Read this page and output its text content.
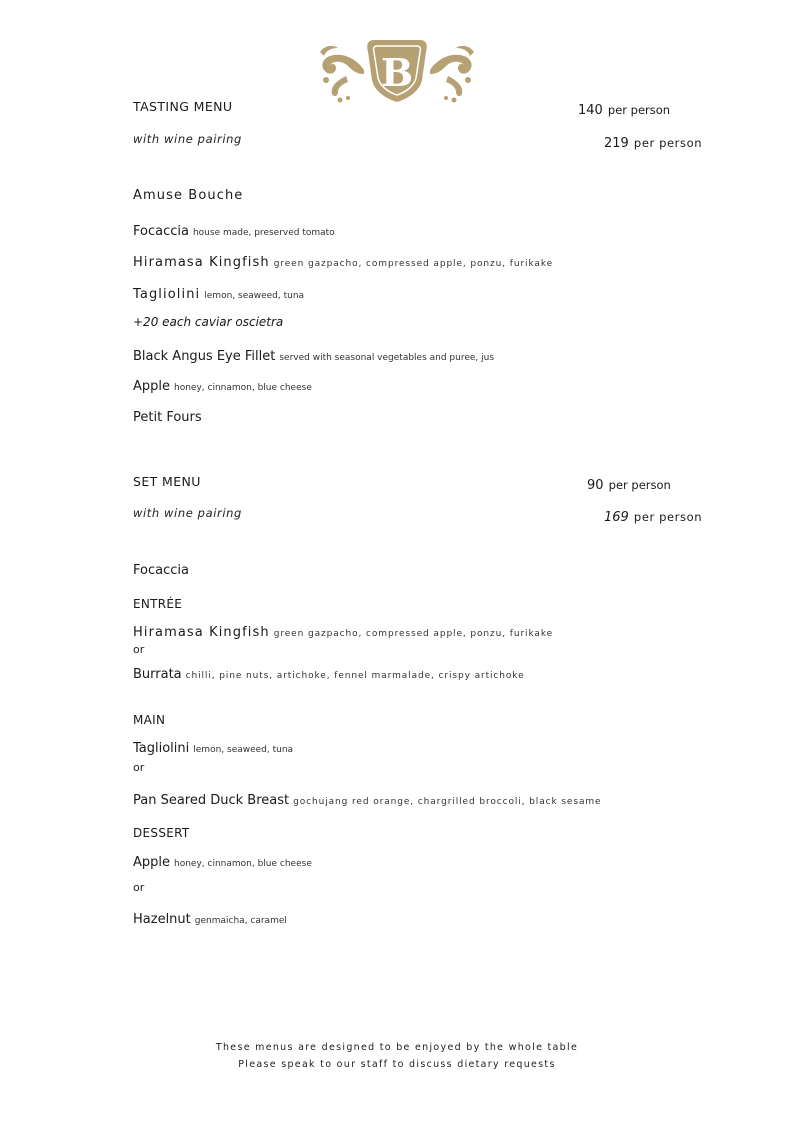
B
TASTING MENU	140 per person
with wine pairing	219 per person
Amuse Bouche
Focaccia house made, preserved tomato
Hiramasa Kingfish green gazpacho, compressed apple, ponzu, furikake
Tagliolini lemon, seaweed, tuna
+20 each caviar oscietra
Black Angus Eye Fillet served with seasonal vegetables and puree, jus
Apple honey, cinnamon, blue cheese
Petit Fours
SET MENU	90 per person
with wine pairing	169 per person
Focaccia
ENTRÉE
Hiramasa Kingfish green gazpacho, compressed apple, ponzu, furikake
or
Burrata chilli, pine nuts, artichoke, fennel marmalade, crispy artichoke
MAIN
Tagliolini lemon, seaweed, tuna
or
Pan Seared Duck Breast gochujang red orange, chargrilled broccoli, black sesame
DESSERT
Apple honey, cinnamon, blue cheese
or
Hazelnut genmaicha, caramel
These menus are designed to be enjoyed by the whole table
Please speak to our staff to discuss dietary requests
